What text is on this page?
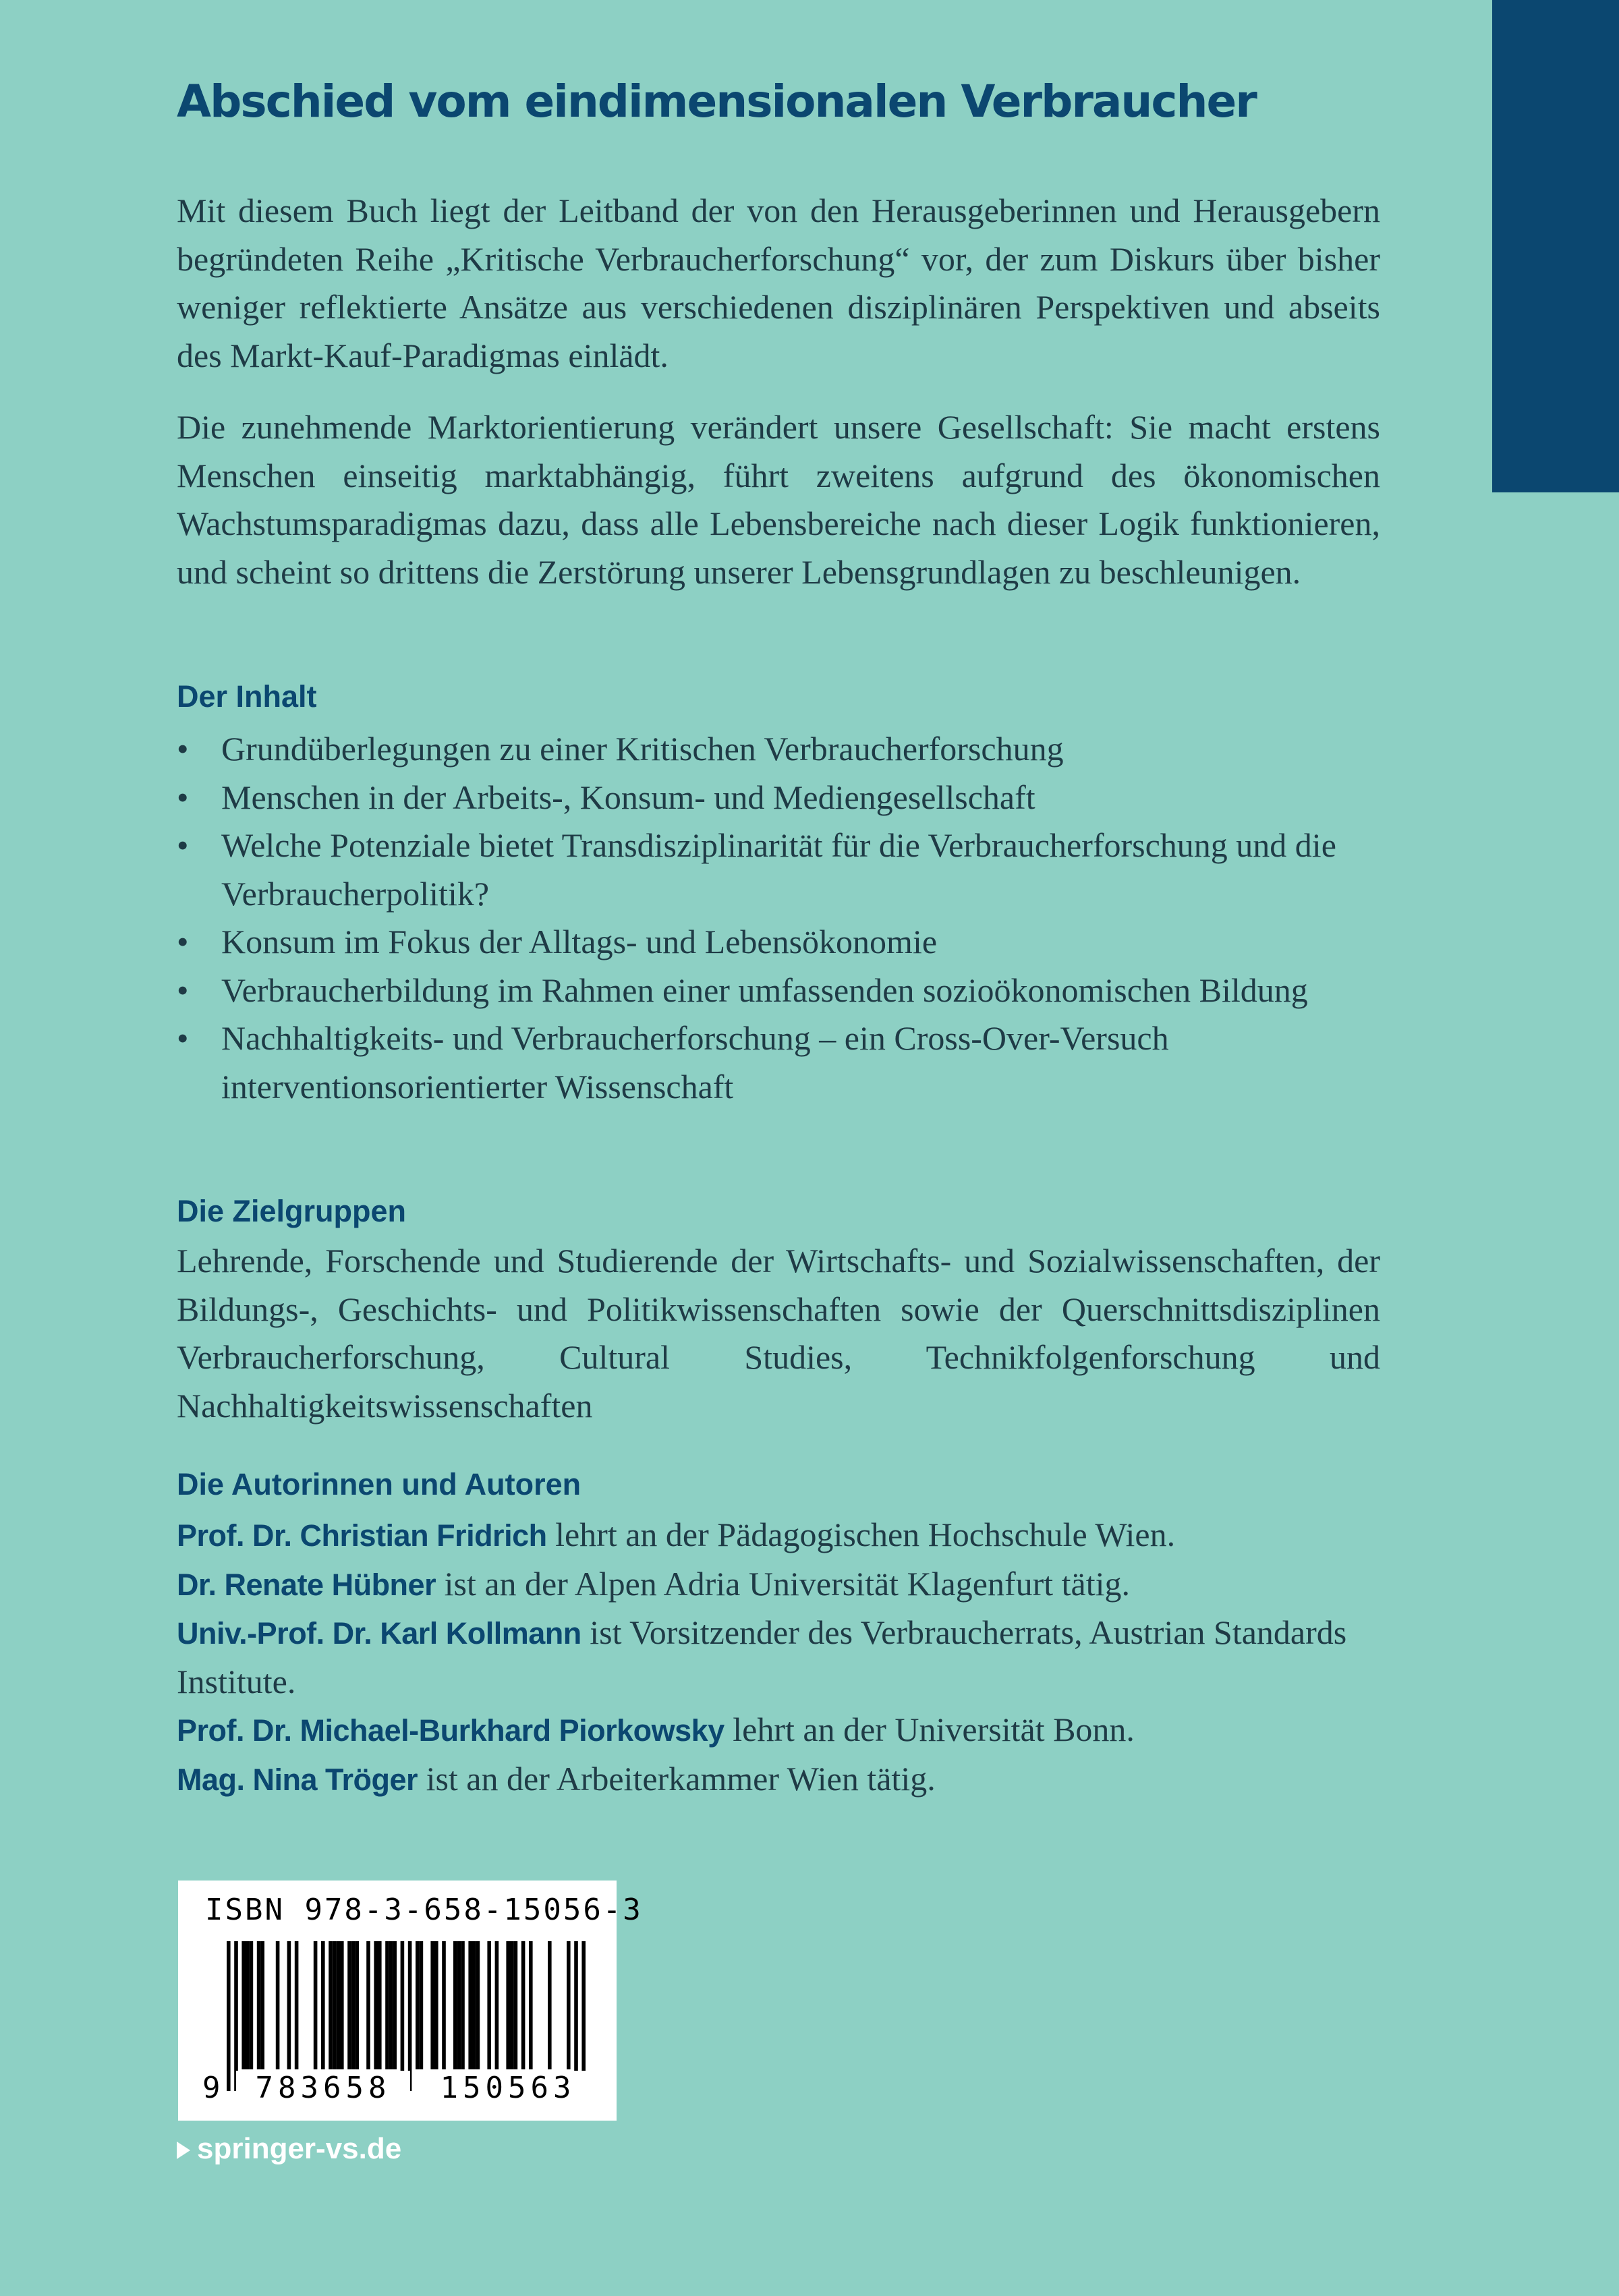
Abschied vom eindimensionalen Verbraucher

Mit diesem Buch liegt der Leitband der von den Herausgeberinnen und Herausgebern begründeten Reihe „Kritische Verbraucherforschung“ vor, der zum Diskurs über bisher weniger reflektierte Ansätze aus verschiedenen disziplinären Perspektiven und abseits des Markt-Kauf-Paradigmas einlädt.

Die zunehmende Marktorientierung verändert unsere Gesellschaft: Sie macht erstens Menschen einseitig marktabhängig, führt zweitens aufgrund des ökonomischen Wachstumsparadigmas dazu, dass alle Lebensbereiche nach dieser Logik funktionieren, und scheint so drittens die Zerstörung unserer Lebensgrundlagen zu beschleunigen.

Der Inhalt
• Grundüberlegungen zu einer Kritischen Verbraucherforschung
• Menschen in der Arbeits-, Konsum- und Mediengesellschaft
• Welche Potenziale bietet Transdisziplinarität für die Verbraucherforschung und die Verbraucherpolitik?
• Konsum im Fokus der Alltags- und Lebensökonomie
• Verbraucherbildung im Rahmen einer umfassenden sozioökonomischen Bildung
• Nachhaltigkeits- und Verbraucherforschung – ein Cross-Over-Versuch interventionsorientierter Wissenschaft
Die Zielgruppen

Lehrende, Forschende und Studierende der Wirtschafts- und Sozialwissenschaften, der Bildungs-, Geschichts- und Politikwissenschaften sowie der Querschnittsdisziplinen Verbraucherforschung, Cultural Studies, Technikfolgenforschung und Nachhaltigkeitswissenschaften

Die Autorinnen und Autoren
Prof. Dr. Christian Fridrich lehrt an der Pädagogischen Hochschule Wien.
Dr. Renate Hübner ist an der Alpen Adria Universität Klagenfurt tätig.
Univ.-Prof. Dr. Karl Kollmann ist Vorsitzender des Verbraucherrats, Austrian Standards Institute.
Prof. Dr. Michael-Burkhard Piorkowsky lehrt an der Universität Bonn.
Mag. Nina Tröger ist an der Arbeiterkammer Wien tätig.
ISBN 978-3-658-15056-3
9	783658	150563
springer-vs.de
